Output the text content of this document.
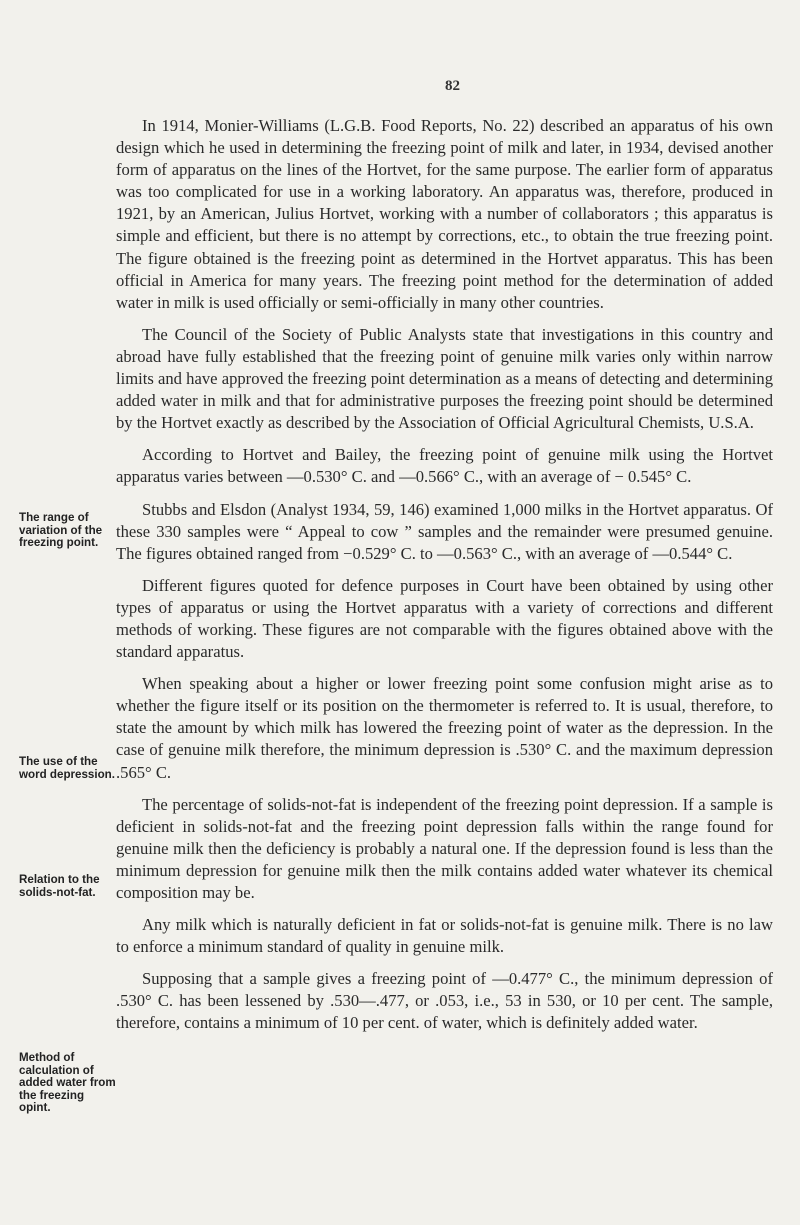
82
The range of variation of the freezing point.
The use of the word depression.
Relation to the solids-not-fat.
Method of calculation of added water from the freezing opint.

In 1914, Monier-Williams (L.G.B. Food Reports, No. 22) described an apparatus of his own design which he used in determining the freezing point of milk and later, in 1934, devised another form of apparatus on the lines of the Hortvet, for the same purpose. The earlier form of apparatus was too complicated for use in a working laboratory. An apparatus was, therefore, produced in 1921, by an American, Julius Hortvet, working with a number of collaborators ; this apparatus is simple and efficient, but there is no attempt by corrections, etc., to obtain the true freezing point. The figure obtained is the freezing point as determined in the Hortvet apparatus. This has been official in America for many years. The freezing point method for the determination of added water in milk is used officially or semi-officially in many other countries.

The Council of the Society of Public Analysts state that investigations in this country and abroad have fully established that the freezing point of genuine milk varies only within narrow limits and have approved the freezing point determination as a means of detecting and determining added water in milk and that for administrative purposes the freezing point should be determined by the Hortvet exactly as described by the Association of Official Agricultural Chemists, U.S.A.

According to Hortvet and Bailey, the freezing point of genuine milk using the Hortvet apparatus varies between —0.530° C. and —0.566° C., with an average of − 0.545° C.

Stubbs and Elsdon (Analyst 1934, 59, 146) examined 1,000 milks in the Hortvet apparatus. Of these 330 samples were “ Appeal to cow ” samples and the remainder were presumed genuine. The figures obtained ranged from −0.529° C. to —0.563° C., with an average of —0.544° C.

Different figures quoted for defence purposes in Court have been obtained by using other types of apparatus or using the Hortvet apparatus with a variety of corrections and different methods of working. These figures are not comparable with the figures obtained above with the standard apparatus.

When speaking about a higher or lower freezing point some confusion might arise as to whether the figure itself or its position on the thermometer is referred to. It is usual, therefore, to state the amount by which milk has lowered the freezing point of water as the depression. In the case of genuine milk therefore, the minimum depression is .530° C. and the maximum depression .565° C.

The percentage of solids-not-fat is independent of the freezing point depression. If a sample is deficient in solids-not-fat and the freezing point depression falls within the range found for genuine milk then the deficiency is probably a natural one. If the depression found is less than the minimum depression for genuine milk then the milk contains added water whatever its chemical composition may be.

Any milk which is naturally deficient in fat or solids-not-fat is genuine milk. There is no law to enforce a minimum standard of quality in genuine milk.

Supposing that a sample gives a freezing point of —0.477° C., the minimum depression of .530° C. has been lessened by .530—.477, or .053, i.e., 53 in 530, or 10 per cent. The sample, therefore, contains a minimum of 10 per cent. of water, which is definitely added water.
